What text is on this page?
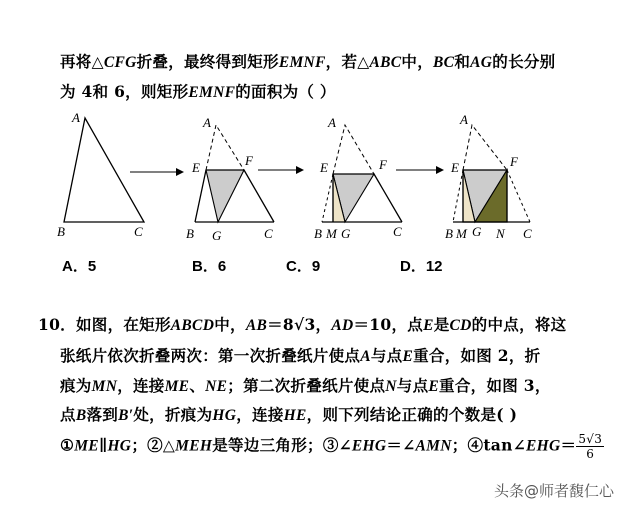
再将△CFG折叠，最终得到矩形EMNF，若△ABC中，BC和AG的长分别
为 4和 6，则矩形EMNF的面积为（ ）
A
B	C
A
E	F
B G	C
A
E	F
B M G	C
A
E	F
B M G N C
A．5	B．6	C．9	D．12
10．如图，在矩形ABCD中，AB＝8√3，AD＝10，点E是CD的中点，将这
张纸片依次折叠两次：第一次折叠纸片使点A与点E重合，如图 2，折
痕为MN，连接ME、NE；第二次折叠纸片使点N与点E重合，如图 3，
点B落到B′处，折痕为HG，连接HE，则下列结论正确的个数是( )
①ME∥HG；②△MEH是等边三角形；③∠EHG＝∠AMN；④tan∠EHG＝ $\frac{5√3}{6}$
头条@师者馥仁心
